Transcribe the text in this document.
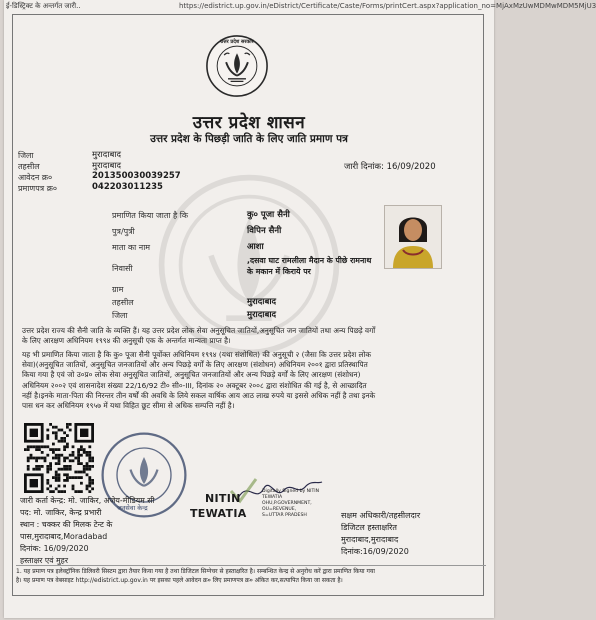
ई-डिस्ट्रिक्ट के अन्तर्गत जारी..	https://edistrict.up.gov.in/eDistrict/Certificate/Caste/Forms/printCert.aspx?application_no=MjAxMzUwMDMwMDM5MjU3
उत्तर प्रदेश सरकार
उत्तर प्रदेश शासन
उत्तर प्रदेश के पिछड़ी जाति के लिए जाति प्रमाण पत्र
जिला	मुरादाबाद
तहसील	मुरादाबाद
आवेदन क्र०	201350030039257
प्रमाणपत्र क्र०	042203011235
जारी दिनांक: 16/09/2020
प्रमाणित किया जाता है कि	कु० पूजा सैनी
पुत्र/पुत्री	विपिन सैनी
माता का नाम	आशा
निवासी
,दसवा घाट रामलीला मैदान के पीछे रामनाथ
के मकान में किराये पर
ग्राम
तहसील	मुरादाबाद
जिला	मुरादाबाद
उत्तर प्रदेश राज्य की सैनी जाति के व्यक्ति हैं। यह उत्तर प्रदेश लोक सेवा अनुसूचित जातियों,अनुसूचित जन जातियों तथा अन्य पिछड़े वर्गों
के लिए आरक्षण अधिनियम १९९४ की अनुसूची एक के अन्तर्गत मान्यता प्राप्त है।
यह भी प्रमाणित किया जाता है कि कु० पूजा सैनी पूर्वोक्त अधिनियम १९९४ (यथा संशोधित) की अनुसूची २ (जैसा कि उत्तर प्रदेश लोक
सेवा)(अनुसूचित जातियों, अनुसूचित जनजातियों और अन्य पिछड़े वर्गों के लिए आरक्षण (संशोधन) अधिनियम २००१ द्वारा प्रतिस्थापित
किया गया है एवं जो उ०प्र० लोक सेवा अनुसूचित जातियों, अनुसूचित जनजातियों और अन्य पिछड़े वर्गों के लिए आरक्षण (संशोधन)
अधिनियम २००२ एवं शासनादेश संख्या 22/16/92 टी० सी०-III, दिनांक २० अक्टूबर २००८ द्वारा संशोधित की गई है, से आच्छादित
नहीं है।इनके माता-पिता की निरन्तर तीन वर्षों की अवधि के लिये सकल वार्षिक आय आठ लाख रुपये या इससे अधिक नहीं है तथा इनके
पास धन कर अधिनियम १९५७ में यथा विहित छूट सीमा से अधिक सम्पत्ति नहीं है।
जनसेवा केन्द्र
जारी कर्ता केन्द्र: मो. जाकिर, अजेय-मीडियम सी
पद: मो. जाकिर, केन्द्र प्रभारी
स्थान : चक्कर की मिलक टेन्ट के
पास,मुरादाबाद,Moradabad
दिनांक: 16/09/2020
हस्ताक्षर एवं मुहर
NITIN
TEWATIA
Digitally Signed by NITIN
TEWATIA
OHU,P.GOVERNMENT,
OU=REVENUE,
S=UTTAR PRADESH	सक्षम अधिकारी/तहसीलदार
डिजिटल हस्ताक्षरित
मुरादाबाद,मुरादाबाद
दिनांक:16/09/2020
1. यह प्रमाण पत्र इलेक्ट्रॉनिक डिलिवरी सिस्टम द्वारा तैयार किया गया है तथा डिजिटल सिग्नेचर से हस्ताक्षरित है। सम्बन्धित केन्द्र से अनुरोध करें द्वारा प्रमाणित किया गया
है। यह प्रमाण पत्र वेबसाइट http://edistrict.up.gov.in पर इसका पहले आवेदन क्र० लिए प्रमाणपत्र क्र० अंकित कर,सत्यापित किया जा सकता है।
